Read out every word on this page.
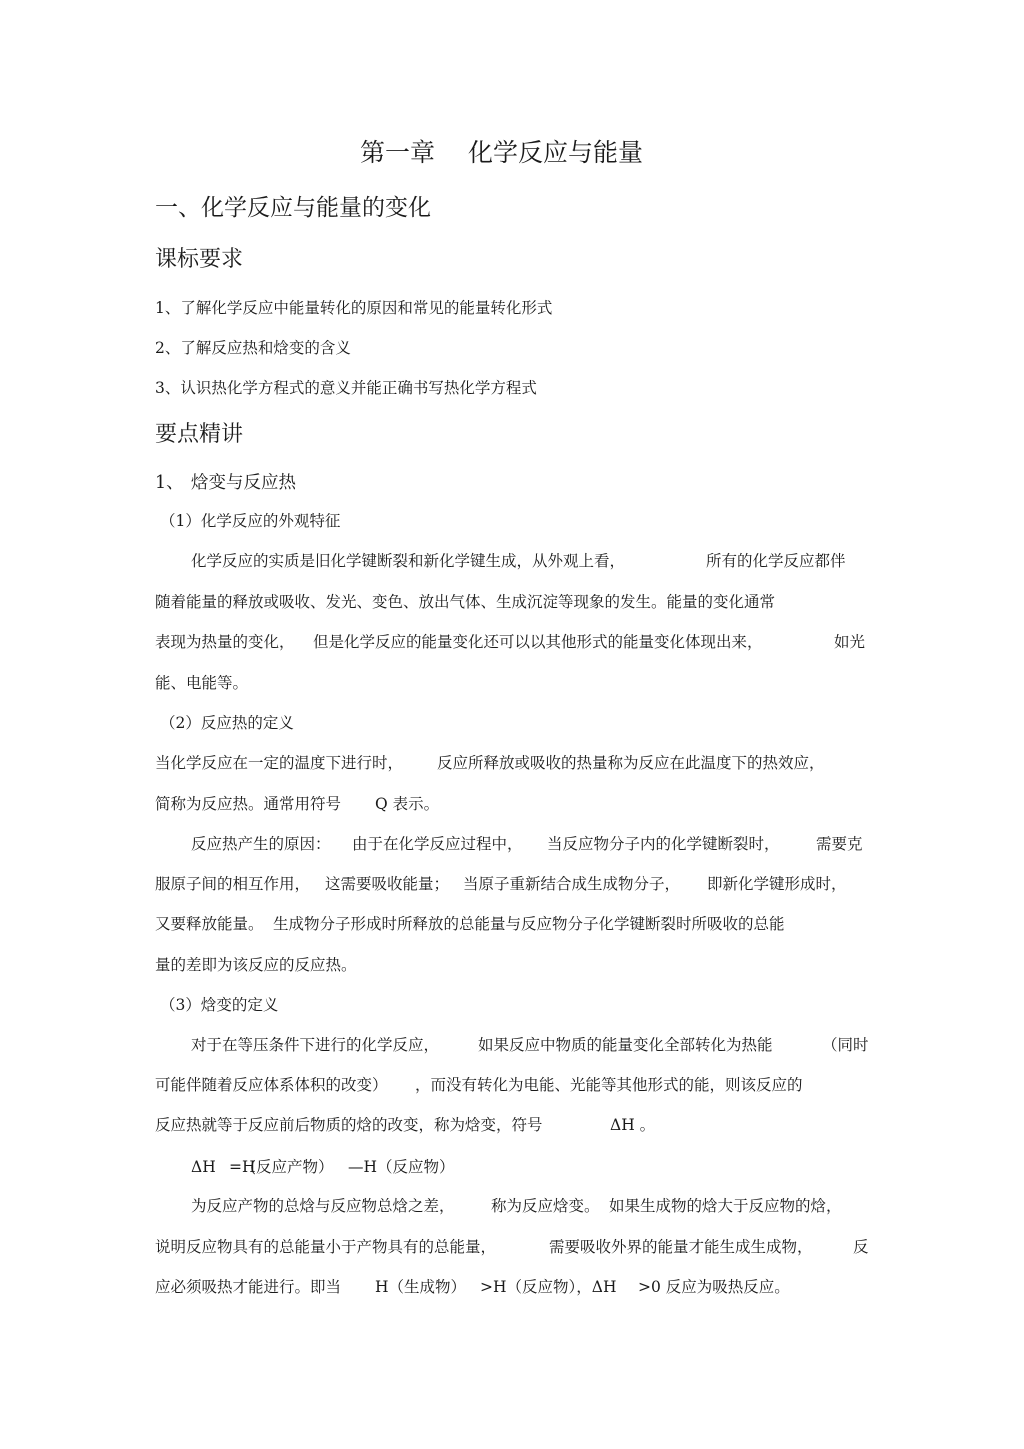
第一章 化学反应与能量
一、化学反应与能量的变化
课标要求
1、了解化学反应中能量转化的原因和常见的能量转化形式
2、了解反应热和焓变的含义
3、认识热化学方程式的意义并能正确书写热化学方程式
要点精讲
1、 焓变与反应热
（1）化学反应的外观特征
化学反应的实质是旧化学键断裂和新化学键生成，从外观上看，	所有的化学反应都伴
随着能量的释放或吸收、发光、变色、放出气体、生成沉淀等现象的发生。能量的变化通常
表现为热量的变化， 但是化学反应的能量变化还可以以其他形式的能量变化体现出来，	如光
能、电能等。
（2）反应热的定义
当化学反应在一定的温度下进行时， 反应所释放或吸收的热量称为反应在此温度下的热效应，
简称为反应热。通常用符号 Q 表示。
反应热产生的原因： 由于在化学反应过程中， 当反应物分子内的化学键断裂时， 需要克
服原子间的相互作用， 这需要吸收能量； 当原子重新结合成生成物分子， 即新化学键形成时，
又要释放能量。 生成物分子形成时所释放的总能量与反应物分子化学键断裂时所吸收的总能
量的差即为该反应的反应热。
（3）焓变的定义
对于在等压条件下进行的化学反应，	如果反应中物质的能量变化全部转化为热能	（同时
可能伴随着反应体系体积的改变） ，而没有转化为电能、光能等其他形式的能，则该反应的
反应热就等于反应前后物质的焓的改变，称为焓变，符号	ΔH 。
ΔH =H
(反应产物） —H（反应物）
为反应产物的总焓与反应物总焓之差， 称为反应焓变。 如果生成物的焓大于反应物的焓，
说明反应物具有的总能量小于产物具有的总能量，	需要吸收外界的能量才能生成生成物，	反
应必须吸热才能进行。即当 H（生成物） >H（反应物），ΔH >0 反应为吸热反应。
